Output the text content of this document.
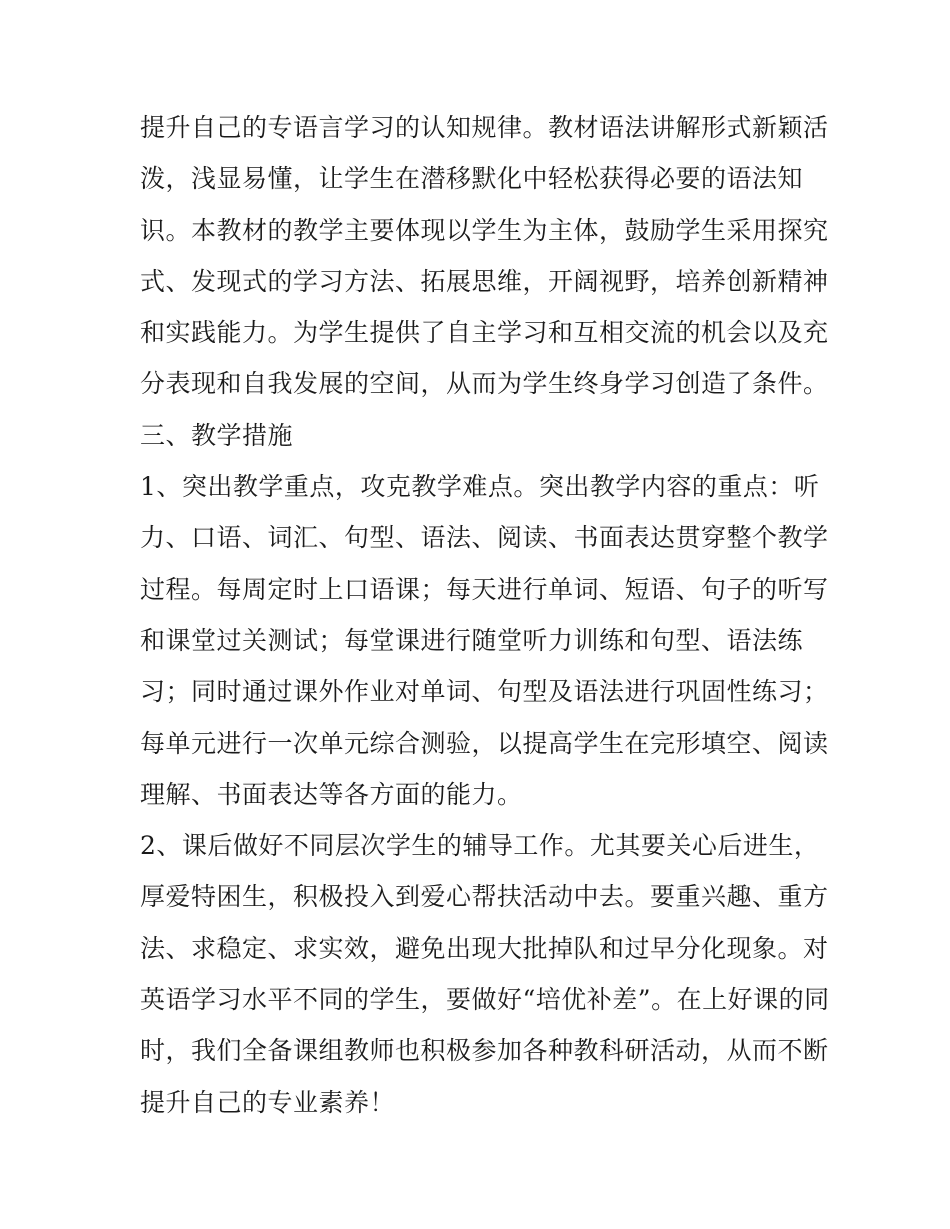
提升自己的专语言学习的认知规律。教材语法讲解形式新颖活
泼，浅显易懂，让学生在潜移默化中轻松获得必要的语法知
识。本教材的教学主要体现以学生为主体，鼓励学生采用探究
式、发现式的学习方法、拓展思维，开阔视野，培养创新精神
和实践能力。为学生提供了自主学习和互相交流的机会以及充
分表现和自我发展的空间，从而为学生终身学习创造了条件。
三、教学措施
1、突出教学重点，攻克教学难点。突出教学内容的重点：听
力、口语、词汇、句型、语法、阅读、书面表达贯穿整个教学
过程。每周定时上口语课；每天进行单词、短语、句子的听写
和课堂过关测试；每堂课进行随堂听力训练和句型、语法练
习；同时通过课外作业对单词、句型及语法进行巩固性练习；
每单元进行一次单元综合测验，以提高学生在完形填空、阅读
理解、书面表达等各方面的能力。
2、课后做好不同层次学生的辅导工作。尤其要关心后进生，
厚爱特困生，积极投入到爱心帮扶活动中去。要重兴趣、重方
法、求稳定、求实效，避免出现大批掉队和过早分化现象。对
英语学习水平不同的学生，要做好“培优补差”。在上好课的同
时，我们全备课组教师也积极参加各种教科研活动，从而不断
提升自己的专业素养！
